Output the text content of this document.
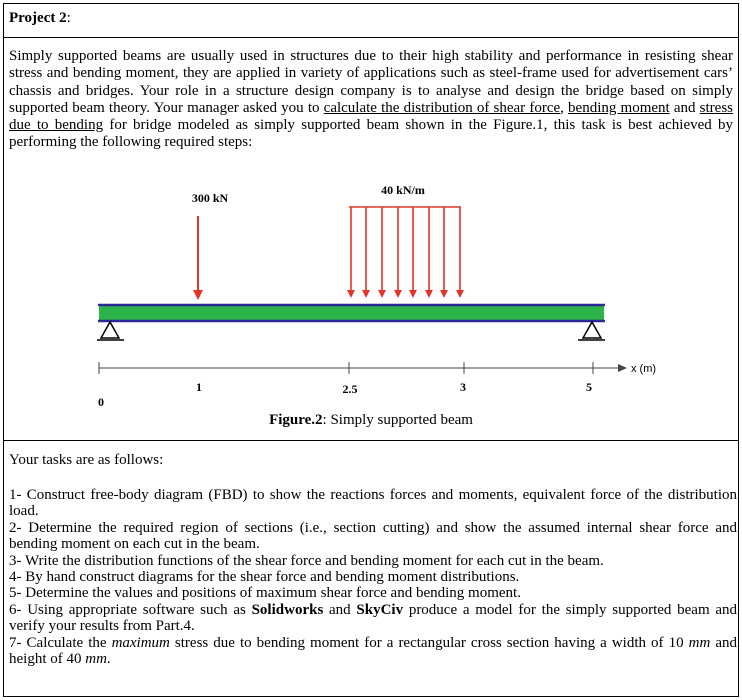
Project 2:
Simply supported beams are usually used in structures due to their high stability and performance in resisting shear stress and bending moment, they are applied in variety of applications such as steel-frame used for advertisement cars’ chassis and bridges. Your role in a structure design company is to analyse and design the bridge based on simply supported beam theory. Your manager asked you to calculate the distribution of shear force, bending moment and stress due to bending for bridge modeled as simply supported beam shown in the Figure.1, this task is best achieved by performing the following required steps:
300 kN
40 kN/m
x (m)
0
1	2.5	3	5
Figure.2: Simply supported beam
Your tasks are as follows:

1- Construct free-body diagram (FBD) to show the reactions forces and moments, equivalent force of the distribution load.

2- Determine the required region of sections (i.e., section cutting) and show the assumed internal shear force and bending moment on each cut in the beam.

3- Write the distribution functions of the shear force and bending moment for each cut in the beam.

4- By hand construct diagrams for the shear force and bending moment distributions.

5- Determine the values and positions of maximum shear force and bending moment.

6- Using appropriate software such as Solidworks and SkyCiv produce a model for the simply supported beam and verify your results from Part.4.

7- Calculate the maximum stress due to bending moment for a rectangular cross section having a width of 10 mm and height of 40 mm.
